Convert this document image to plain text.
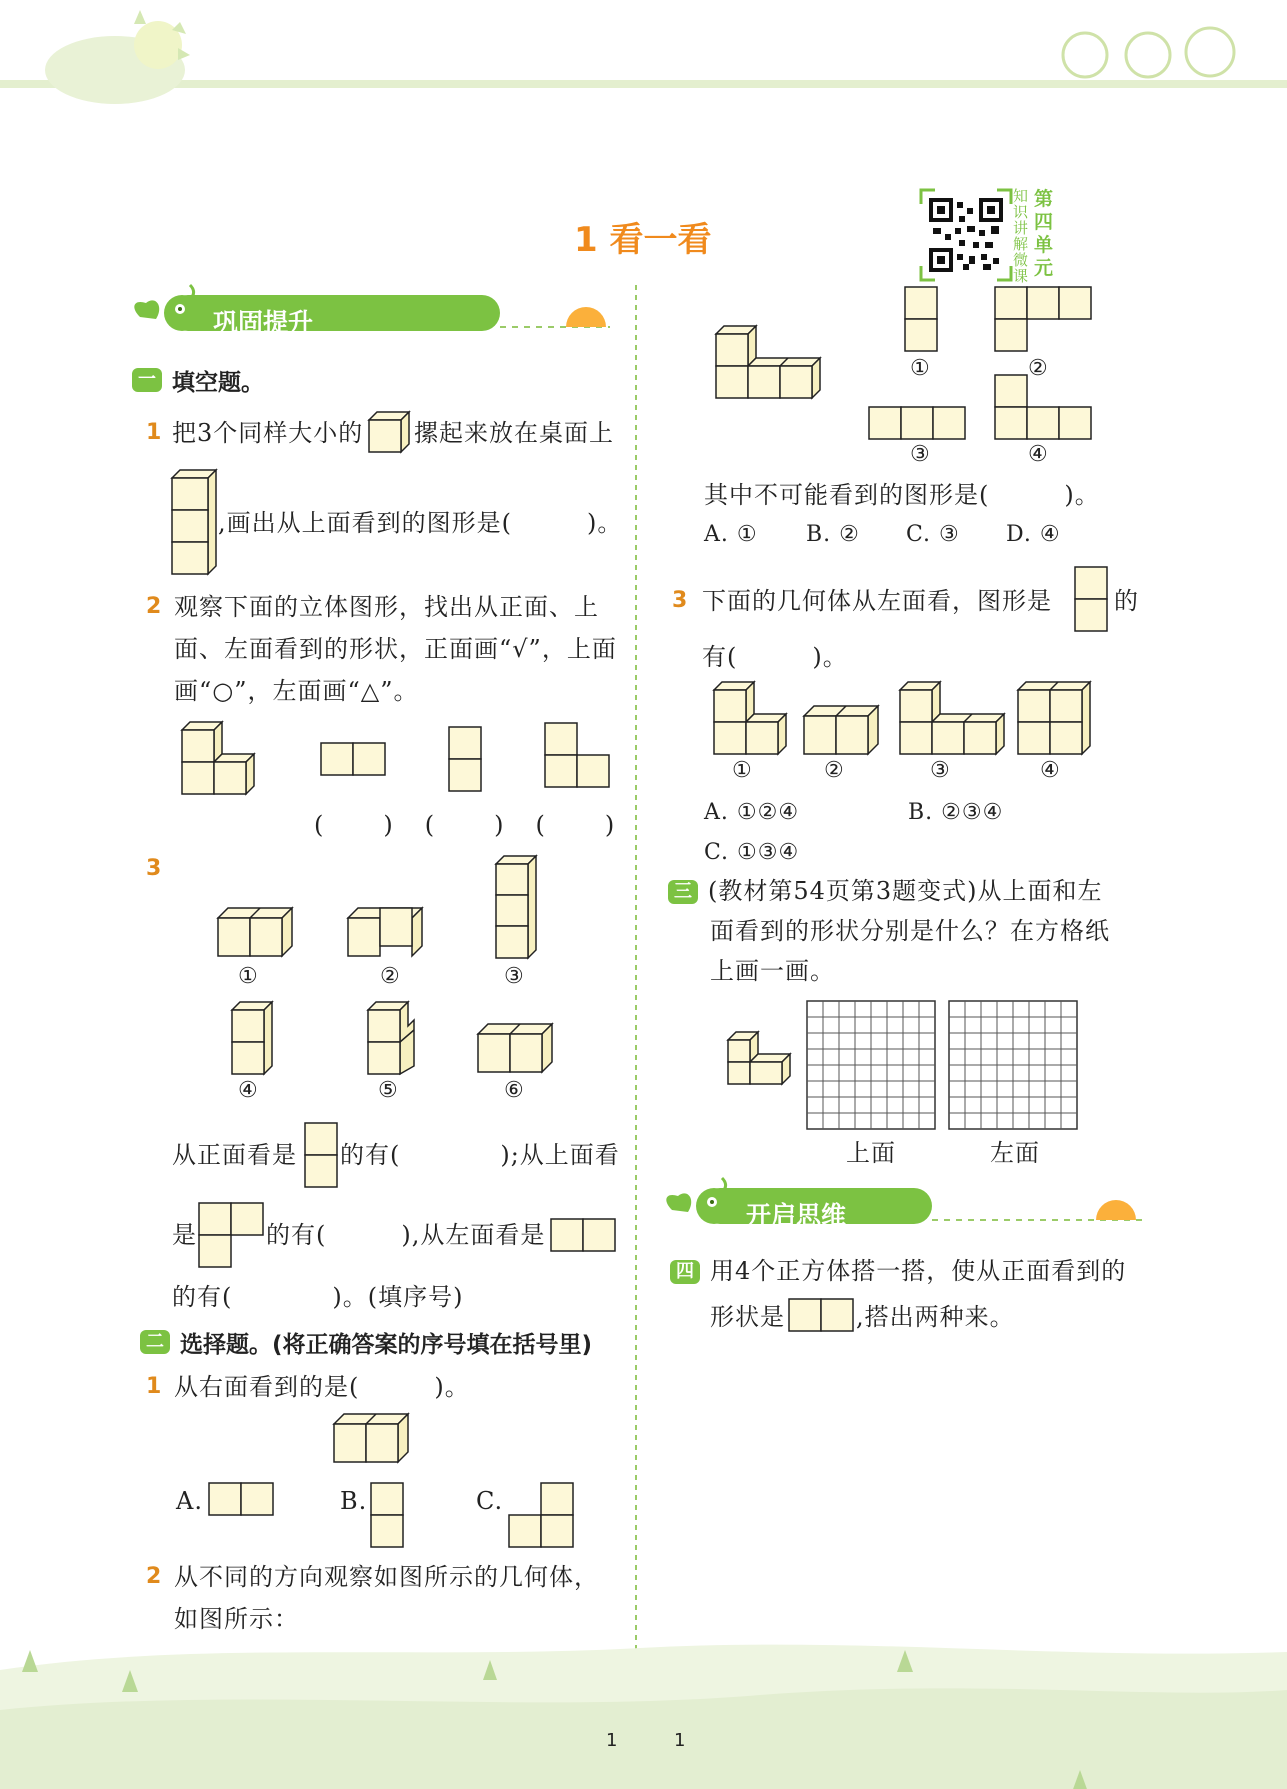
1 看一看
第四单元
知识讲解微课
巩固提升
一 填空题。
1 把3个同样大小的 摞起来放在桌面上
,画出从上面看到的图形是(　　　)。
2 观察下面的立体图形，找出从正面、上
面、左面看到的形状，正面画“√”，上面
画“○”，左面画“△”。
(　　)　(　　)　(　　)
3
①	②	③
④	⑤	⑥
从正面看是 的有(　　　　);从上面看
是	的有(　　　),从左面看是
的有(　　　　)。(填序号)
二 选择题。(将正确答案的序号填在括号里)
1 从右面看到的是(　　　)。
A.	B.	C.
2 从不同的方向观察如图所示的几何体，
如图所示：
①	②
③	④
其中不可能看到的图形是(　　　)。
A. ① B. ② C. ③ D. ④
3 下面的几何体从左面看，图形是	的
有(　　　)。
①	②	③	④
A. ①②④	B. ②③④
C. ①③④
三 (教材第54页第3题变式)从上面和左
面看到的形状分别是什么？在方格纸
上画一画。
上面	左面
开启思维
四 用4个正方体搭一搭，使从正面看到的
形状是	,搭出两种来。
1	1
